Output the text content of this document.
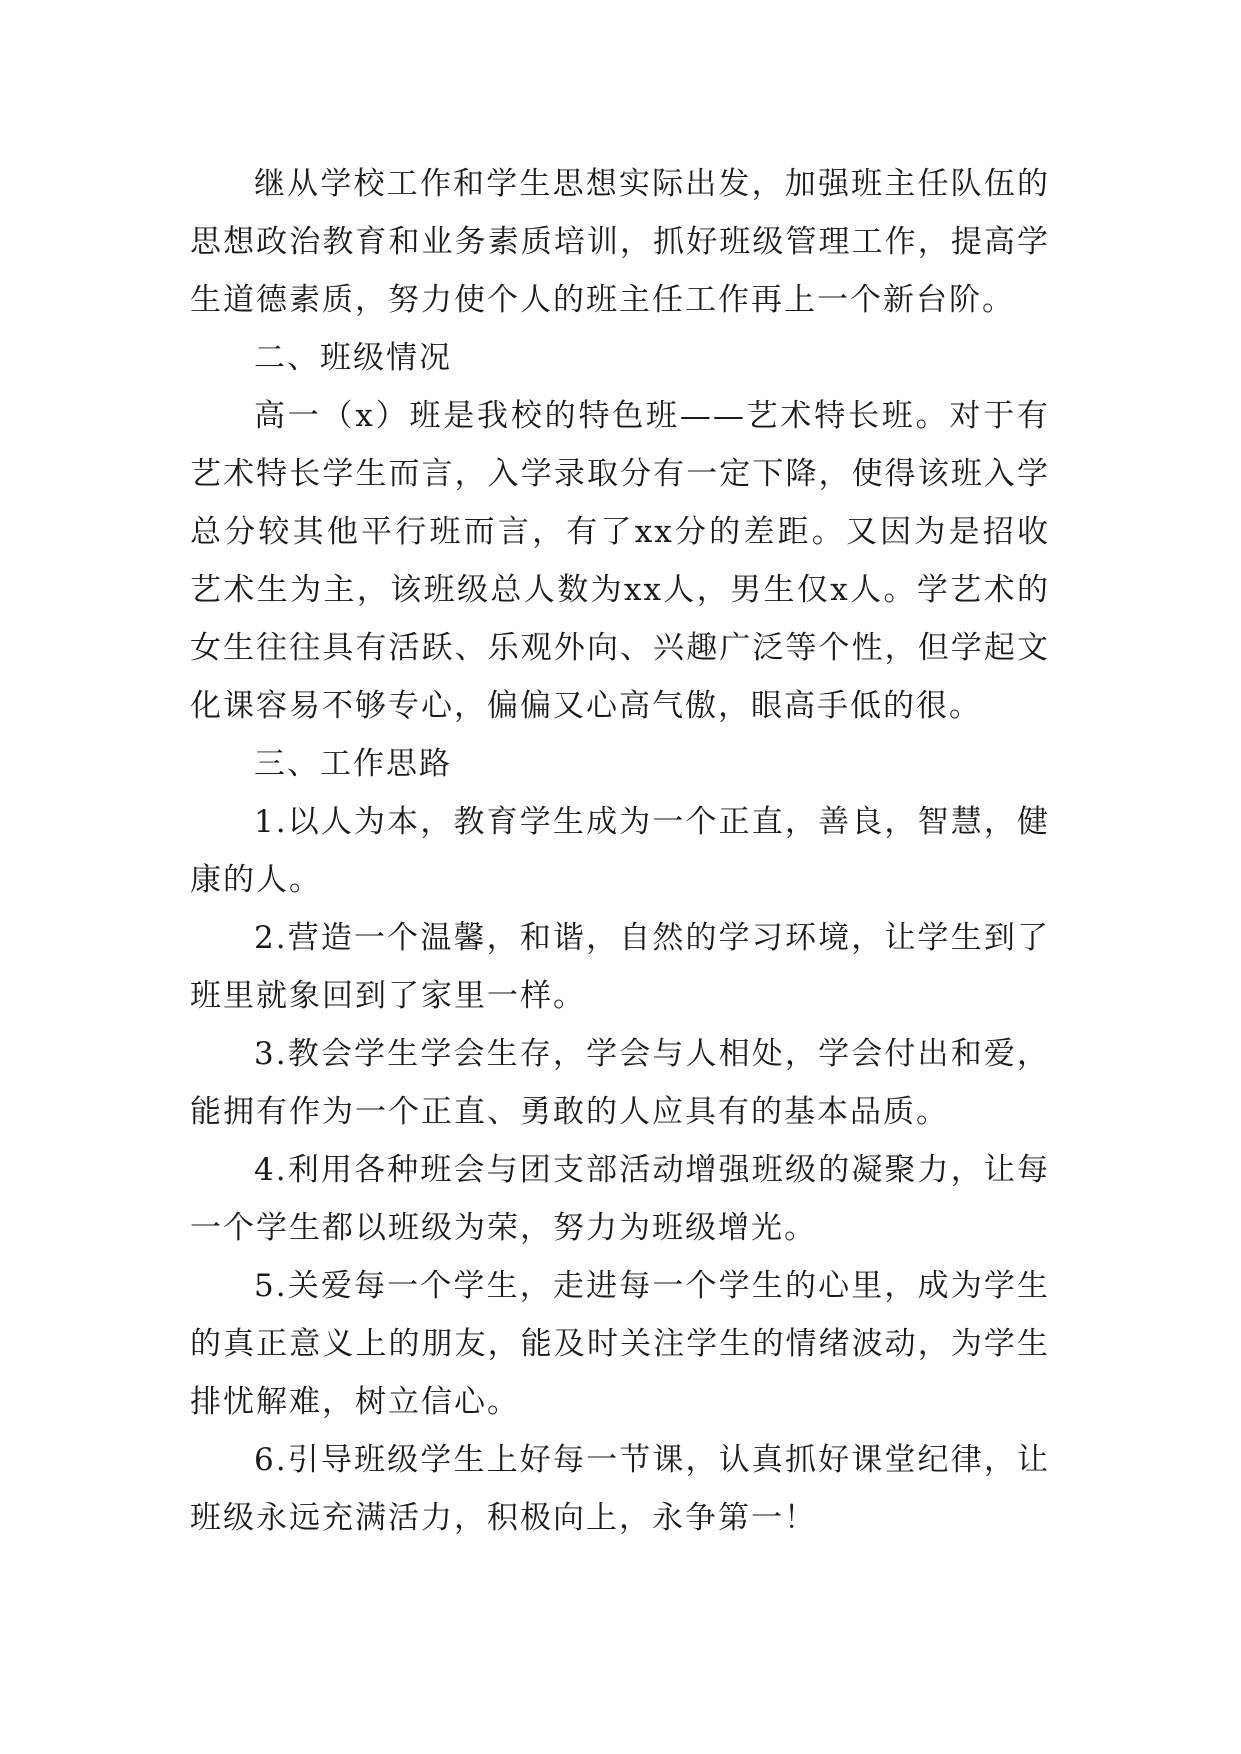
继从学校工作和学生思想实际出发，加强班主任队伍的思想政治教育和业务素质培训，抓好班级管理工作，提高学生道德素质，努力使个人的班主任工作再上一个新台阶。

二、班级情况

高一（x）班是我校的特色班——艺术特长班。对于有艺术特长学生而言，入学录取分有一定下降，使得该班入学总分较其他平行班而言，有了xx分的差距。又因为是招收艺术生为主，该班级总人数为xx人，男生仅x人。学艺术的女生往往具有活跃、乐观外向、兴趣广泛等个性，但学起文化课容易不够专心，偏偏又心高气傲，眼高手低的很。

三、工作思路

1.以人为本，教育学生成为一个正直，善良，智慧，健康的人。

2.营造一个温馨，和谐，自然的学习环境，让学生到了班里就象回到了家里一样。

3.教会学生学会生存，学会与人相处，学会付出和爱，能拥有作为一个正直、勇敢的人应具有的基本品质。

4.利用各种班会与团支部活动增强班级的凝聚力，让每一个学生都以班级为荣，努力为班级增光。

5.关爱每一个学生，走进每一个学生的心里，成为学生的真正意义上的朋友，能及时关注学生的情绪波动，为学生排忧解难，树立信心。

6.引导班级学生上好每一节课，认真抓好课堂纪律，让班级永远充满活力，积极向上，永争第一！
